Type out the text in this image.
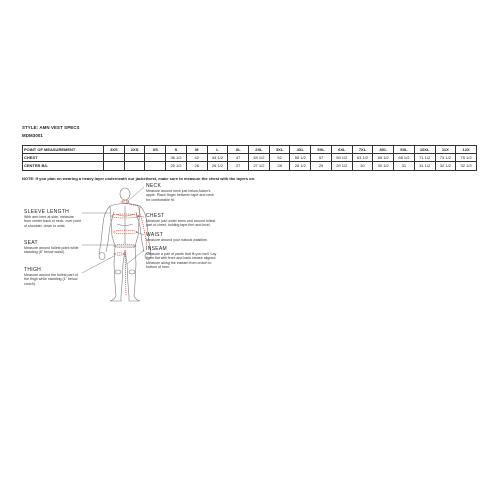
STYLE: AMN VEST SPECS
MDM3001
POINT OF MEASUREMENT	3XS	2XS	XS	S	M	L	XL	2XL	3XL	4XL	5XL	6XL	7XL	8XL	9XL	10XL	11X	12X
CHEST				36 1/2	42	44 1/2	47	49 1/2	52	55 1/2	57	59 1/2	63 1/2	65 1/2	68 1/2	71 1/2	73 1/2	75 1/2
CENTER B/L				25 1/2	26	26 1/2	27	27 1/2	28	28 1/2	29	29 1/2	30	30 1/2	31	31 1/2	32 1/2	32 1/2
NOTE: If you plan on wearing a heavy layer underneath our jacket/vest, make sure to measure the chest with the layers on.
NECK
Measure around neck just below Adam's apple. Place finger between tape and neck for comfortable fit.
CHEST
Measure just under arms and around fullest part of chest, holding tape firm and level.
WAIST
Measure around your natural waistline.
INSEAM
Measure a pair of pants that fit you well. Lay them flat with front and back crease aligned. Measure along the inseam from crotch to bottom of hem.
SLEEVE LENGTH
With arm bent at side, measure from center back of neck, over point of shoulder, down to wrist.
SEAT
Measure around fullest point while standing (8" below waist).
THIGH
Measure around the fullest part of the thigh while standing (1" below crotch).
